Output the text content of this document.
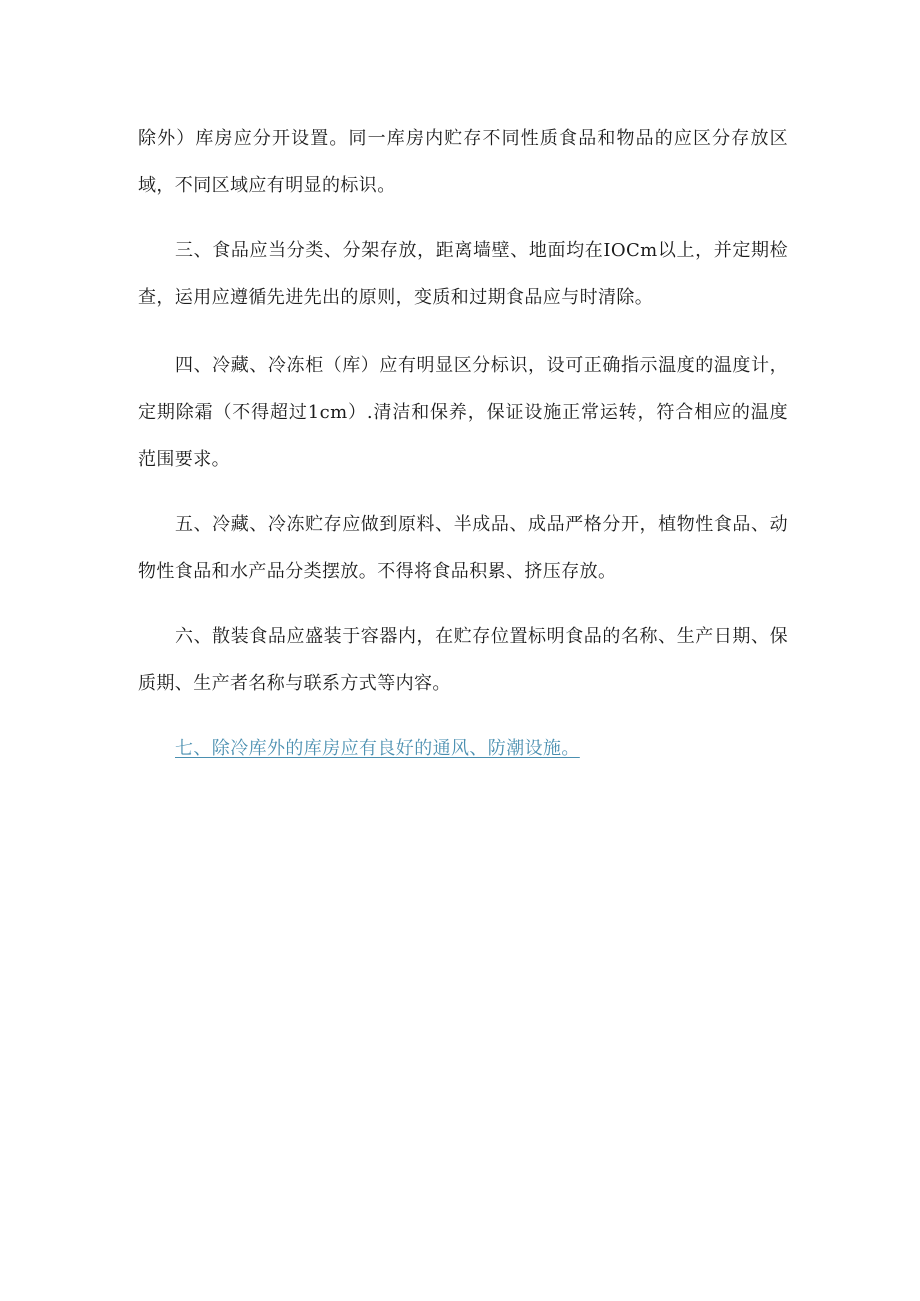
除外）库房应分开设置。同一库房内贮存不同性质食品和物品的应区分存放区域，不同区域应有明显的标识。

三、食品应当分类、分架存放，距离墙壁、地面均在IOCm以上，并定期检查，运用应遵循先进先出的原则，变质和过期食品应与时清除。

四、冷藏、冷冻柜（库）应有明显区分标识，设可正确指示温度的温度计，定期除霜（不得超过1cm）.清洁和保养，保证设施正常运转，符合相应的温度范围要求。

五、冷藏、冷冻贮存应做到原料、半成品、成品严格分开，植物性食品、动物性食品和水产品分类摆放。不得将食品积累、挤压存放。

六、散装食品应盛装于容器内，在贮存位置标明食品的名称、生产日期、保质期、生产者名称与联系方式等内容。

七、除冷库外的库房应有良好的通风、防潮设施。
